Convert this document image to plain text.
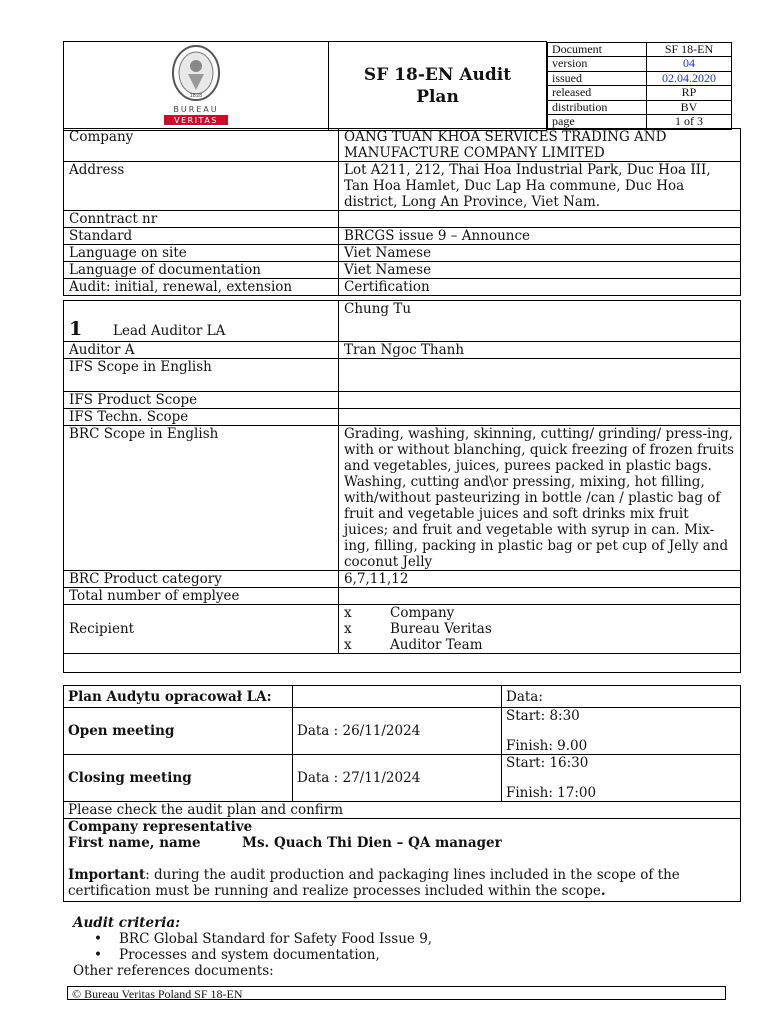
1828
BUREAU
VERITAS
	SF 18-EN Audit
Plan	
Document	SF 18-EN
version	04
issued	02.04.2020
released	RP
distribution	BV
page	1 of 3
Company	OANG TUAN KHOA SERVICES TRADING AND MANUFACTURE COMPANY LIMITED
Address	Lot A211, 212, Thai Hoa Industrial Park, Duc Hoa III, Tan Hoa Hamlet, Duc Lap Ha commune, Duc Hoa district, Long An Province, Viet Nam.
Conntract nr	
Standard	BRCGS issue 9 – Announce
Language on site	Viet Namese
Language of documentation	Viet Namese
Audit: initial, renewal, extension	Certification
1 Lead Auditor LA	Chung Tu
Auditor A	Tran Ngoc Thanh
IFS Scope in English	
IFS Product Scope	
IFS Techn. Scope	
BRC Scope in English	Grading, washing, skinning, cutting/ grinding/ press-ing, with or without blanching, quick freezing of frozen fruits and vegetables, juices, purees packed in plastic bags. Washing, cutting and\or pressing, mixing, hot filling, with/without pasteurizing in bottle /can / plastic bag of fruit and vegetable juices and soft drinks mix fruit juices; and fruit and vegetable with syrup in can. Mix-ing, filling, packing in plastic bag or pet cup of Jelly and coconut Jelly
BRC Product category	6,7,11,12
Total number of emplyee	
Recipient	x Company
x Bureau Veritas
x Auditor Team

Plan Audytu opracował LA:		Data:
Open meeting	Data : 26/11/2024	Start: 8:30
Finish: 9.00

Closing meeting	Data : 27/11/2024	Start: 16:30
Finish: 17:00

Please check the audit plan and confirm		

Company representative
First name, name Ms. Quach Thi Dien – QA manager
Important: during the audit production and packaging lines included in the scope of the certification must be running and realize processes included within the scope.		
Audit criteria:
• BRC Global Standard for Safety Food Issue 9,
• Processes and system documentation,
Other references documents:
© Bureau Veritas Poland SF 18-EN
